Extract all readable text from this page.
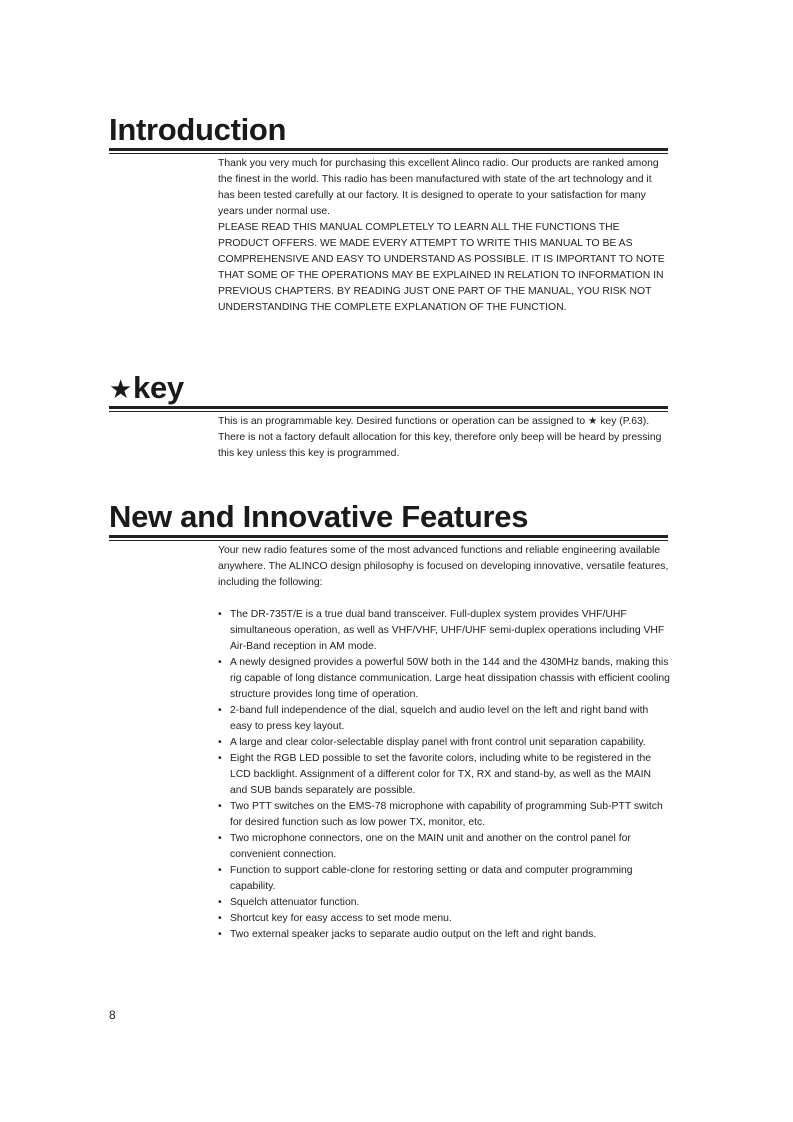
Introduction

Thank you very much for purchasing this excellent Alinco radio. Our products are ranked among the finest in the world. This radio has been manufactured with state of the art technology and it has been tested carefully at our factory. It is designed to operate to your satisfaction for many years under normal use.

PLEASE READ THIS MANUAL COMPLETELY TO LEARN ALL THE FUNCTIONS THE PRODUCT OFFERS. WE MADE EVERY ATTEMPT TO WRITE THIS MANUAL TO BE AS COMPREHENSIVE AND EASY TO UNDERSTAND AS POSSIBLE. IT IS IMPORTANT TO NOTE THAT SOME OF THE OPERATIONS MAY BE EXPLAINED IN RELATION TO INFORMATION IN PREVIOUS CHAPTERS. BY READING JUST ONE PART OF THE MANUAL, YOU RISK NOT UNDERSTANDING THE COMPLETE EXPLANATION OF THE FUNCTION.

★key

This is an programmable key. Desired functions or operation can be assigned to ★ key (P.63). There is not a factory default allocation for this key, therefore only beep will be heard by pressing this key unless this key is programmed.

New and Innovative Features

Your new radio features some of the most advanced functions and reliable engineering available anywhere. The ALINCO design philosophy is focused on developing innovative, versatile features, including the following:

• The DR-735T/E is a true dual band transceiver. Full-duplex system provides VHF/UHF simultaneous operation, as well as VHF/VHF, UHF/UHF semi-duplex operations including VHF Air-Band reception in AM mode.
• A newly designed provides a powerful 50W both in the 144 and the 430MHz bands, making this rig capable of long distance communication. Large heat dissipation chassis with efficient cooling structure provides long time of operation.
• 2-band full independence of the dial, squelch and audio level on the left and right band with easy to press key layout.
• A large and clear color-selectable display panel with front control unit separation capability.
• Eight the RGB LED possible to set the favorite colors, including white to be registered in the LCD backlight. Assignment of a different color for TX, RX and stand-by, as well as the MAIN and SUB bands separately are possible.
• Two PTT switches on the EMS-78 microphone with capability of programming Sub-PTT switch for desired function such as low power TX, monitor, etc.
• Two microphone connectors, one on the MAIN unit and another on the control panel for convenient connection.
• Function to support cable-clone for restoring setting or data and computer programming capability.
• Squelch attenuator function.
• Shortcut key for easy access to set mode menu.
• Two external speaker jacks to separate audio output on the left and right bands.
8
